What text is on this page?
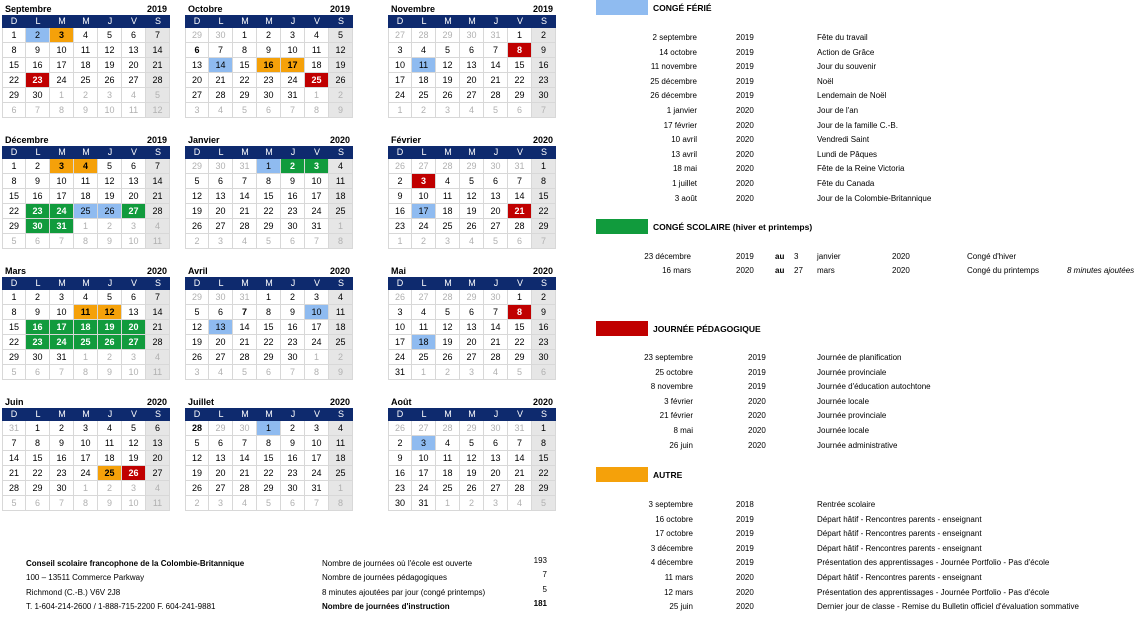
Septembre	2019
D	L	M	M	J	V	S
1	2	3	4	5	6	7
8	9	10	11	12	13	14
15	16	17	18	19	20	21
22	23	24	25	26	27	28
29	30	1	2	3	4	5
6	7	8	9	10	11	12
Octobre	2019
D	L	M	M	J	V	S
29	30	1	2	3	4	5
6	7	8	9	10	11	12
13	14	15	16	17	18	19
20	21	22	23	24	25	26
27	28	29	30	31	1	2
3	4	5	6	7	8	9
Novembre	2019
D	L	M	M	J	V	S
27	28	29	30	31	1	2
3	4	5	6	7	8	9
10	11	12	13	14	15	16
17	18	19	20	21	22	23
24	25	26	27	28	29	30
1	2	3	4	5	6	7
Décembre	2019
D	L	M	M	J	V	S
1	2	3	4	5	6	7
8	9	10	11	12	13	14
15	16	17	18	19	20	21
22	23	24	25	26	27	28
29	30	31	1	2	3	4
5	6	7	8	9	10	11
Janvier	2020
D	L	M	M	J	V	S
29	30	31	1	2	3	4
5	6	7	8	9	10	11
12	13	14	15	16	17	18
19	20	21	22	23	24	25
26	27	28	29	30	31	1
2	3	4	5	6	7	8
Février	2020
D	L	M	M	J	V	S
26	27	28	29	30	31	1
2	3	4	5	6	7	8
9	10	11	12	13	14	15
16	17	18	19	20	21	22
23	24	25	26	27	28	29
1	2	3	4	5	6	7
Mars	2020
D	L	M	M	J	V	S
1	2	3	4	5	6	7
8	9	10	11	12	13	14
15	16	17	18	19	20	21
22	23	24	25	26	27	28
29	30	31	1	2	3	4
5	6	7	8	9	10	11
Avril	2020
D	L	M	M	J	V	S
29	30	31	1	2	3	4
5	6	7	8	9	10	11
12	13	14	15	16	17	18
19	20	21	22	23	24	25
26	27	28	29	30	1	2
3	4	5	6	7	8	9
Mai	2020
D	L	M	M	J	V	S
26	27	28	29	30	1	2
3	4	5	6	7	8	9
10	11	12	13	14	15	16
17	18	19	20	21	22	23
24	25	26	27	28	29	30
31	1	2	3	4	5	6
Juin	2020
D	L	M	M	J	V	S
31	1	2	3	4	5	6
7	8	9	10	11	12	13
14	15	16	17	18	19	20
21	22	23	24	25	26	27
28	29	30	1	2	3	4
5	6	7	8	9	10	11
Juillet	2020
D	L	M	M	J	V	S
28	29	30	1	2	3	4
5	6	7	8	9	10	11
12	13	14	15	16	17	18
19	20	21	22	23	24	25
26	27	28	29	30	31	1
2	3	4	5	6	7	8
Août	2020
D	L	M	M	J	V	S
26	27	28	29	30	31	1
2	3	4	5	6	7	8
9	10	11	12	13	14	15
16	17	18	19	20	21	22
23	24	25	26	27	28	29
30	31	1	2	3	4	5
Conseil scolaire francophone de la Colombie-Britannique
100 – 13511 Commerce Parkway
Richmond (C.-B.) V6V 2J8
T. 1-604-214-2600 / 1-888-715-2200 F. 604-241-9881
Nombre de journées où l'école est ouverte	193
Nombre de journées pédagogiques	7
8 minutes ajoutées par jour (congé printemps)	5
Nombre de journées d'instruction	181
CONGÉ FÉRIÉ
2 septembre	2019	Fête du travail
14 octobre	2019	Action de Grâce
11 novembre	2019	Jour du souvenir
25 décembre	2019	Noël
26 décembre	2019	Lendemain de Noël
1 janvier	2020	Jour de l'an
17 février	2020	Jour de la famille C.-B.
10 avril	2020	Vendredi Saint
13 avril	2020	Lundi de Pâques
18 mai	2020	Fête de la Reine Victoria
1 juillet	2020	Fête du Canada
3 août	2020	Jour de la Colombie-Britannique
CONGÉ SCOLAIRE (hiver et printemps)
23 décembre	2019	au 3 janvier	2020	Congé d'hiver
16 mars	2020	au 27 mars	2020	Congé du printemps	8 minutes ajoutées
JOURNÉE PÉDAGOGIQUE
23 septembre	2019	Journée de planification
25 octobre	2019	Journée provinciale
8 novembre	2019	Journée d'éducation autochtone
3 février	2020	Journée locale
21 février	2020	Journée provinciale
8 mai	2020	Journée locale
26 juin	2020	Journée administrative
AUTRE
3 septembre	2018	Rentrée scolaire
16 octobre	2019	Départ hâtif - Rencontres parents - enseignant
17 octobre	2019	Départ hâtif - Rencontres parents - enseignant
3 décembre	2019	Départ hâtif - Rencontres parents - enseignant
4 décembre	2019	Présentation des apprentissages - Journée Portfolio - Pas d'école
11 mars	2020	Départ hâtif - Rencontres parents - enseignant
12 mars	2020	Présentation des apprentissages - Journée Portfolio - Pas d'école
25 juin	2020	Dernier jour de classe - Remise du Bulletin officiel d'évaluation sommative
